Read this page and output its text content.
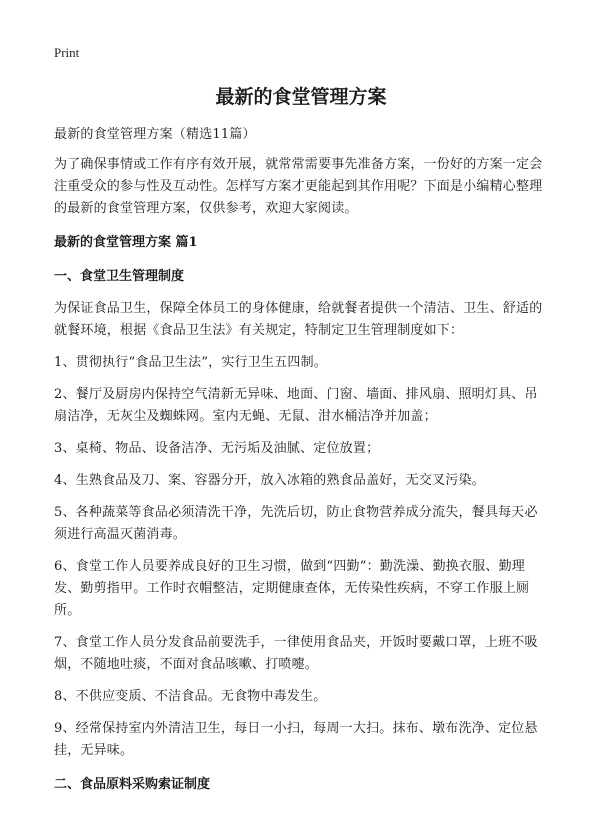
Print
最新的食堂管理方案

最新的食堂管理方案（精选11篇）

为了确保事情或工作有序有效开展，就常常需要事先准备方案，一份好的方案一定会注重受众的参与性及互动性。怎样写方案才更能起到其作用呢？下面是小编精心整理的最新的食堂管理方案，仅供参考，欢迎大家阅读。

最新的食堂管理方案 篇1
一、食堂卫生管理制度

为保证食品卫生，保障全体员工的身体健康，给就餐者提供一个清洁、卫生、舒适的就餐环境，根据《食品卫生法》有关规定，特制定卫生管理制度如下：

1、贯彻执行“食品卫生法”，实行卫生五四制。

2、餐厅及厨房内保持空气清新无异味、地面、门窗、墙面、排风扇、照明灯具、吊扇洁净，无灰尘及蜘蛛网。室内无蝇、无鼠、泔水桶洁净并加盖；

3、桌椅、物品、设备洁净、无污垢及油腻、定位放置；

4、生熟食品及刀、案、容器分开，放入冰箱的熟食品盖好，无交叉污染。

5、各种蔬菜等食品必须清洗干净，先洗后切，防止食物营养成分流失，餐具每天必须进行高温灭菌消毒。

6、食堂工作人员要养成良好的卫生习惯，做到“四勤”：勤洗澡、勤换衣服、勤理发、勤剪指甲。工作时衣帽整洁，定期健康查体，无传染性疾病，不穿工作服上厕所。

7、食堂工作人员分发食品前要洗手，一律使用食品夹，开饭时要戴口罩，上班不吸烟，不随地吐痰，不面对食品咳嗽、打喷嚏。

8、不供应变质、不洁食品。无食物中毒发生。

9、经常保持室内外清洁卫生，每日一小扫，每周一大扫。抹布、墩布洗净、定位悬挂，无异味。

二、食品原料采购索证制度
